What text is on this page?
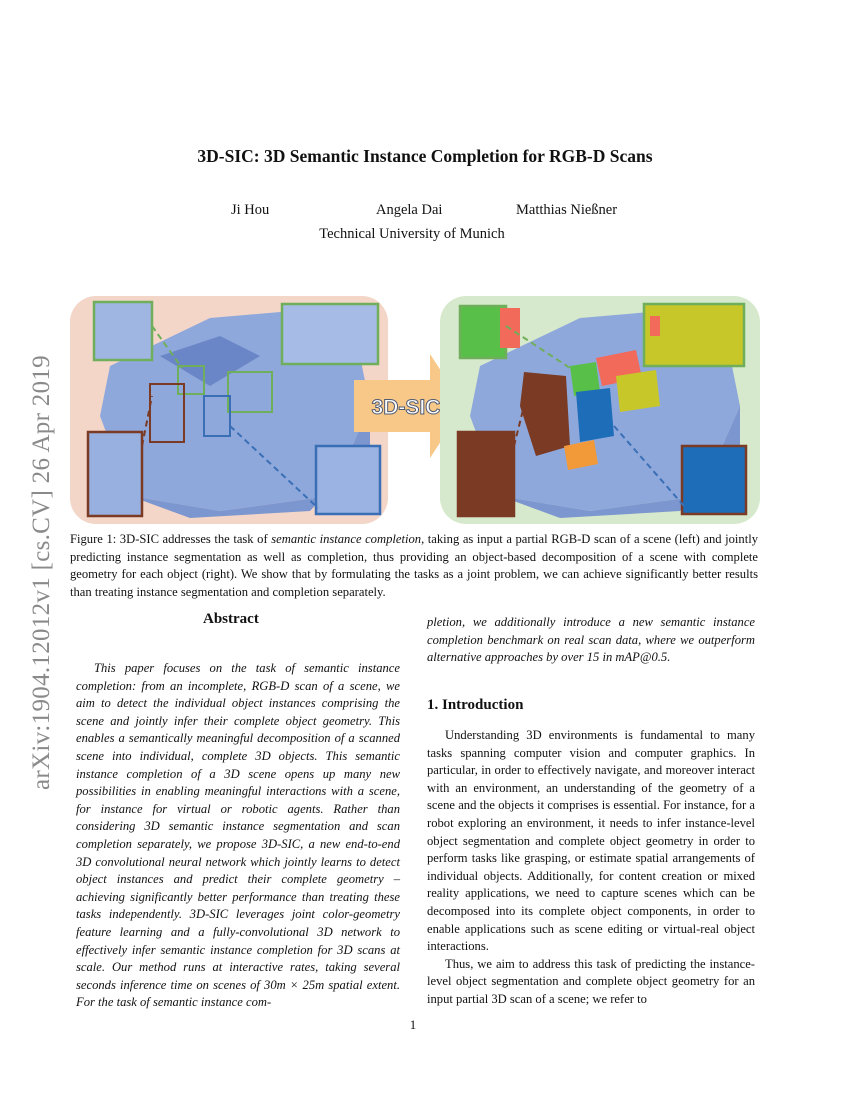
arXiv:1904.12012v1 [cs.CV] 26 Apr 2019
3D-SIC: 3D Semantic Instance Completion for RGB-D Scans
Ji Hou	Angela Dai	Matthias Nießner
Technical University of Munich
3D-SIC
Figure 1: 3D-SIC addresses the task of semantic instance completion, taking as input a partial RGB-D scan of a scene (left) and jointly predicting instance segmentation as well as completion, thus providing an object-based decomposition of a scene with complete geometry for each object (right). We show that by formulating the tasks as a joint problem, we can achieve significantly better results than treating instance segmentation and completion separately.
Abstract

This paper focuses on the task of semantic instance completion: from an incomplete, RGB-D scan of a scene, we aim to detect the individual object instances comprising the scene and jointly infer their complete object geometry. This enables a semantically meaningful decomposition of a scanned scene into individual, complete 3D objects. This semantic instance completion of a 3D scene opens up many new possibilities in enabling meaningful interactions with a scene, for instance for virtual or robotic agents. Rather than considering 3D semantic instance segmentation and scan completion separately, we propose 3D-SIC, a new end-to-end 3D convolutional neural network which jointly learns to detect object instances and predict their complete geometry – achieving significantly better performance than treating these tasks independently. 3D-SIC leverages joint color-geometry feature learning and a fully-convolutional 3D network to effectively infer semantic instance completion for 3D scans at scale. Our method runs at interactive rates, taking several seconds inference time on scenes of 30m × 25m spatial extent. For the task of semantic instance com-

pletion, we additionally introduce a new semantic instance completion benchmark on real scan data, where we outperform alternative approaches by over 15 in mAP@0.5.

1. Introduction

Understanding 3D environments is fundamental to many tasks spanning computer vision and computer graphics. In particular, in order to effectively navigate, and moreover interact with an environment, an understanding of the geometry of a scene and the objects it comprises is essential. For instance, for a robot exploring an environment, it needs to infer instance-level object segmentation and complete object geometry in order to perform tasks like grasping, or estimate spatial arrangements of individual objects. Additionally, for content creation or mixed reality applications, we need to capture scenes which can be decomposed into its complete object components, in order to enable applications such as scene editing or virtual-real object interactions.

Thus, we aim to address this task of predicting the instance-level object segmentation and complete object geometry for an input partial 3D scan of a scene; we refer to

1
